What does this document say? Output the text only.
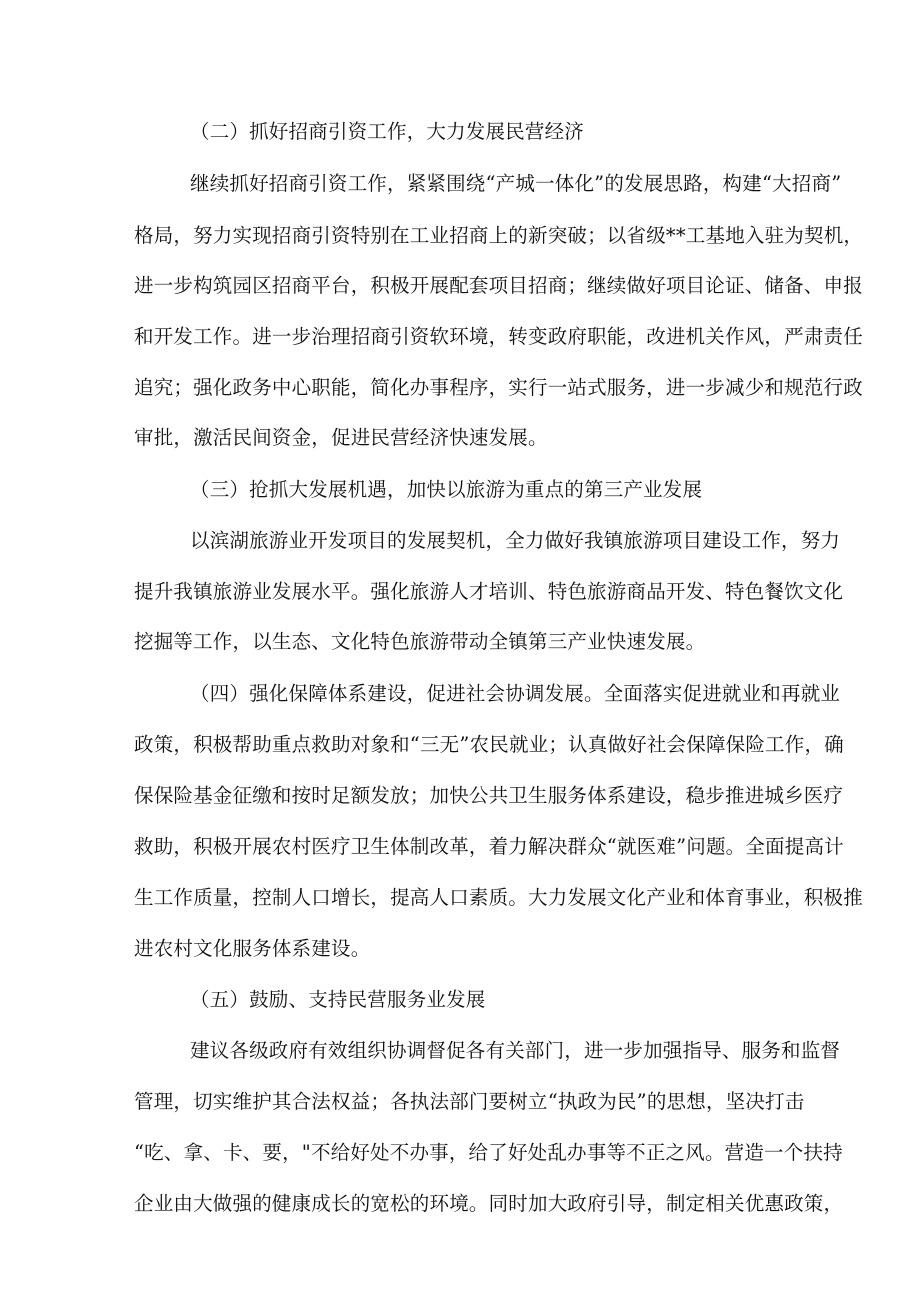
（二）抓好招商引资工作，大力发展民营经济
继续抓好招商引资工作，紧紧围绕“产城一体化”的发展思路，构建“大招商”
格局，努力实现招商引资特别在工业招商上的新突破；以省级**工基地入驻为契机，
进一步构筑园区招商平台，积极开展配套项目招商；继续做好项目论证、储备、申报
和开发工作。进一步治理招商引资软环境，转变政府职能，改进机关作风，严肃责任
追究；强化政务中心职能，简化办事程序，实行一站式服务，进一步减少和规范行政
审批，激活民间资金，促进民营经济快速发展。
（三）抢抓大发展机遇，加快以旅游为重点的第三产业发展
以滨湖旅游业开发项目的发展契机，全力做好我镇旅游项目建设工作，努力
提升我镇旅游业发展水平。强化旅游人才培训、特色旅游商品开发、特色餐饮文化
挖掘等工作，以生态、文化特色旅游带动全镇第三产业快速发展。
（四）强化保障体系建设，促进社会协调发展。全面落实促进就业和再就业
政策，积极帮助重点救助对象和“三无”农民就业；认真做好社会保障保险工作，确
保保险基金征缴和按时足额发放；加快公共卫生服务体系建设，稳步推进城乡医疗
救助，积极开展农村医疗卫生体制改革，着力解决群众“就医难”问题。全面提高计
生工作质量，控制人口增长，提高人口素质。大力发展文化产业和体育事业，积极推
进农村文化服务体系建设。
（五）鼓励、支持民营服务业发展
建议各级政府有效组织协调督促各有关部门，进一步加强指导、服务和监督
管理，切实维护其合法权益；各执法部门要树立“执政为民”的思想，坚决打击
“吃、拿、卡、要，"不给好处不办事，给了好处乱办事等不正之风。营造一个扶持
企业由大做强的健康成长的宽松的环境。同时加大政府引导，制定相关优惠政策，
